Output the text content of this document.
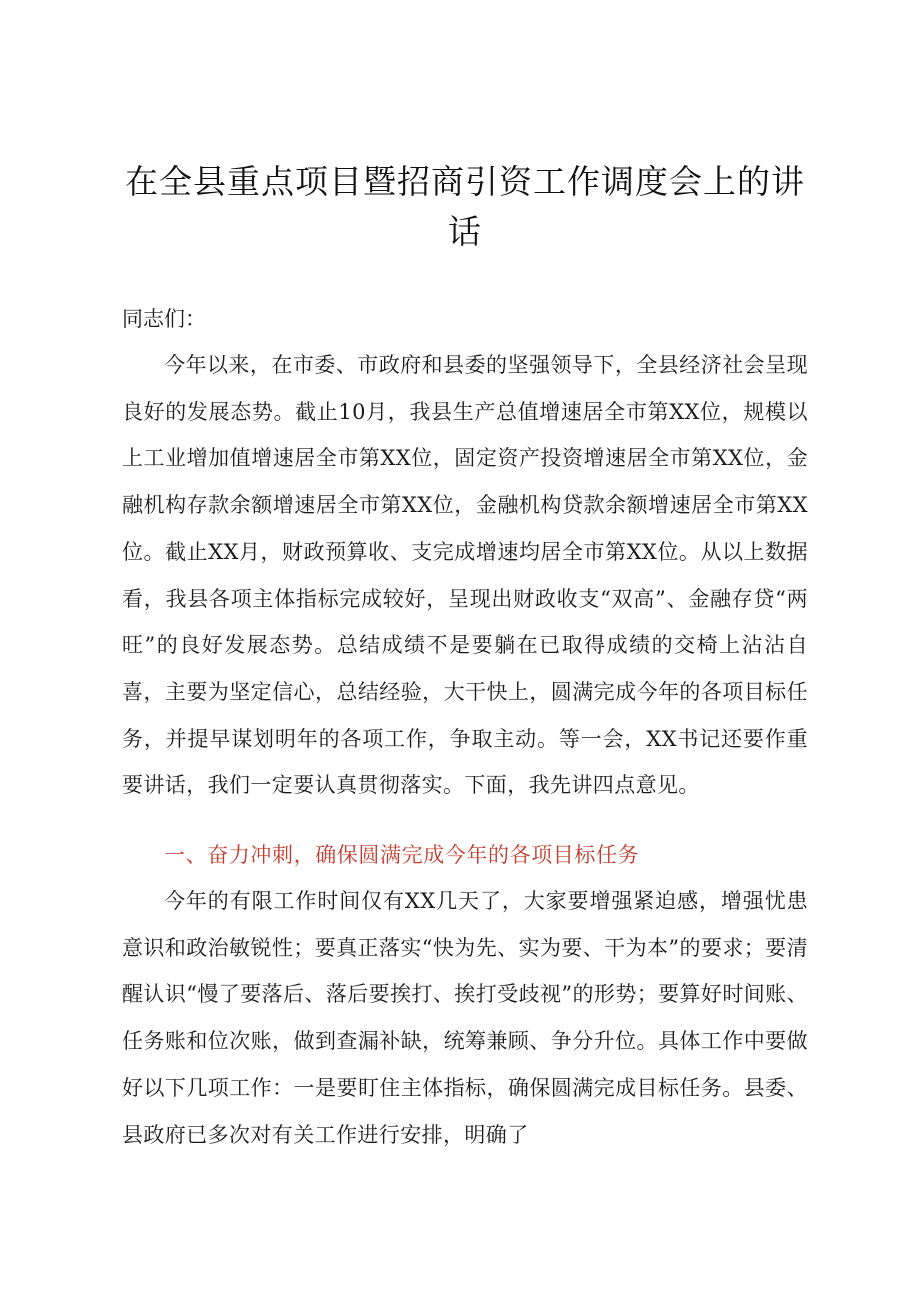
在全县重点项目暨招商引资工作调度会上的讲话

同志们：

今年以来，在市委、市政府和县委的坚强领导下，全县经济社会呈现良好的发展态势。截止10月，我县生产总值增速居全市第XX位，规模以上工业增加值增速居全市第XX位，固定资产投资增速居全市第XX位，金融机构存款余额增速居全市第XX位，金融机构贷款余额增速居全市第XX位。截止XX月，财政预算收、支完成增速均居全市第XX位。从以上数据看，我县各项主体指标完成较好，呈现出财政收支“双高”、金融存贷“两旺”的良好发展态势。总结成绩不是要躺在已取得成绩的交椅上沾沾自喜，主要为坚定信心，总结经验，大干快上，圆满完成今年的各项目标任务，并提早谋划明年的各项工作，争取主动。等一会，XX书记还要作重要讲话，我们一定要认真贯彻落实。下面，我先讲四点意见。

一、奋力冲刺，确保圆满完成今年的各项目标任务

今年的有限工作时间仅有XX几天了，大家要增强紧迫感，增强忧患意识和政治敏锐性；要真正落实“快为先、实为要、干为本”的要求；要清醒认识“慢了要落后、落后要挨打、挨打受歧视”的形势；要算好时间账、任务账和位次账，做到查漏补缺，统筹兼顾、争分升位。具体工作中要做好以下几项工作：一是要盯住主体指标，确保圆满完成目标任务。县委、县政府已多次对有关工作进行安排，明确了
